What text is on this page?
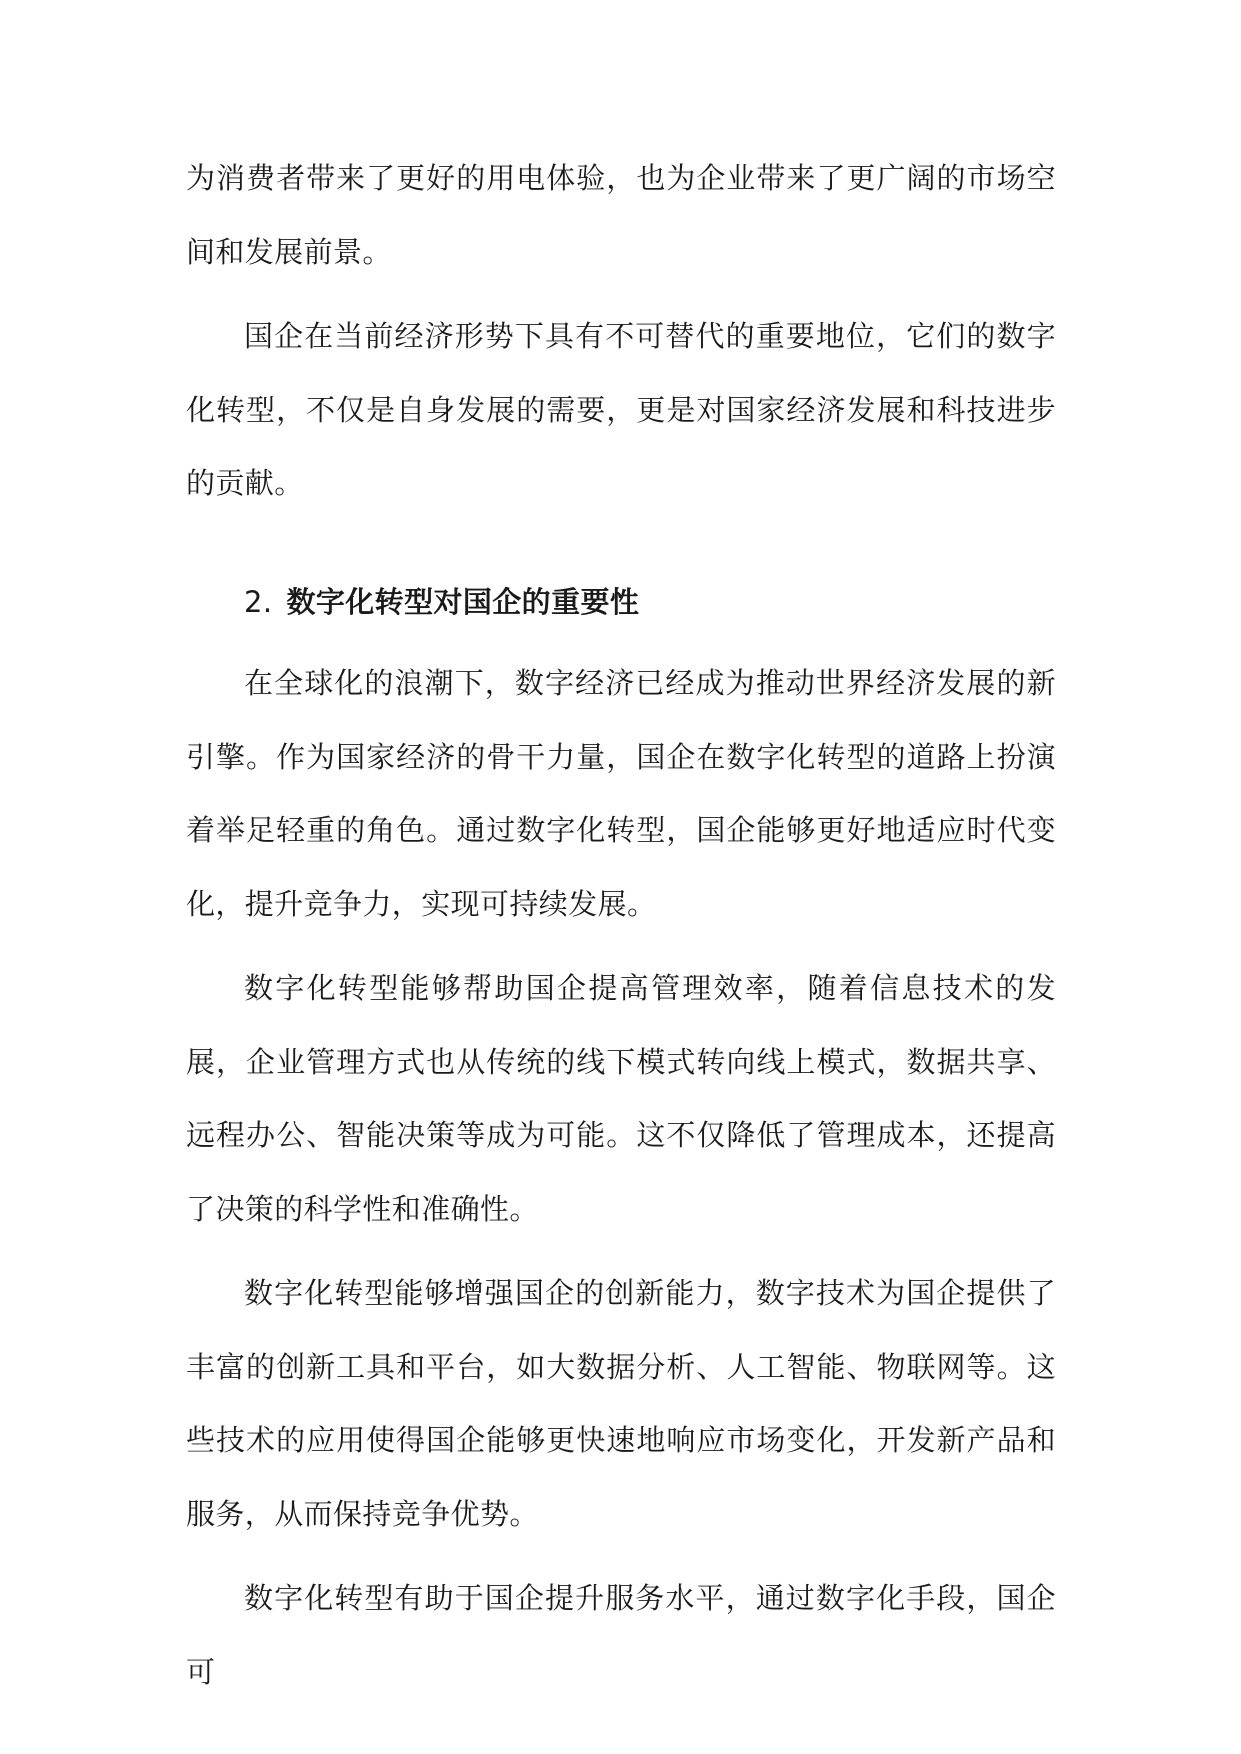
为消费者带来了更好的用电体验，也为企业带来了更广阔的市场空间和发展前景。

国企在当前经济形势下具有不可替代的重要地位，它们的数字化转型，不仅是自身发展的需要，更是对国家经济发展和科技进步的贡献。

2. 数字化转型对国企的重要性

在全球化的浪潮下，数字经济已经成为推动世界经济发展的新引擎。作为国家经济的骨干力量，国企在数字化转型的道路上扮演着举足轻重的角色。通过数字化转型，国企能够更好地适应时代变化，提升竞争力，实现可持续发展。

数字化转型能够帮助国企提高管理效率，随着信息技术的发展，企业管理方式也从传统的线下模式转向线上模式，数据共享、远程办公、智能决策等成为可能。这不仅降低了管理成本，还提高了决策的科学性和准确性。

数字化转型能够增强国企的创新能力，数字技术为国企提供了丰富的创新工具和平台，如大数据分析、人工智能、物联网等。这些技术的应用使得国企能够更快速地响应市场变化，开发新产品和服务，从而保持竞争优势。

数字化转型有助于国企提升服务水平，通过数字化手段，国企可
